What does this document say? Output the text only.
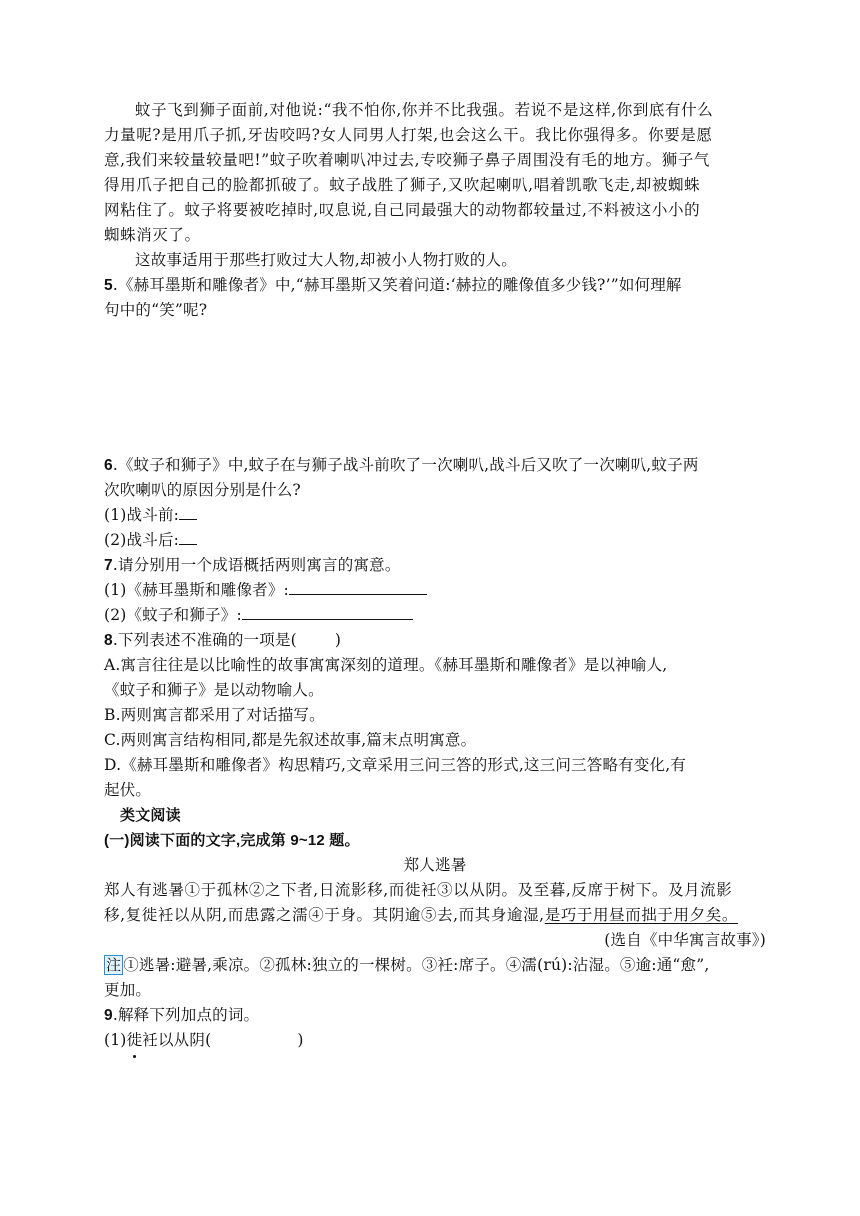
蚊子飞到狮子面前,对他说:“我不怕你,你并不比我强。若说不是这样,你到底有什么
力量呢?是用爪子抓,牙齿咬吗?女人同男人打架,也会这么干。我比你强得多。你要是愿
意,我们来较量较量吧!”蚊子吹着喇叭冲过去,专咬狮子鼻子周围没有毛的地方。狮子气
得用爪子把自己的脸都抓破了。蚊子战胜了狮子,又吹起喇叭,唱着凯歌飞走,却被蜘蛛
网粘住了。蚊子将要被吃掉时,叹息说,自己同最强大的动物都较量过,不料被这小小的
蜘蛛消灭了。
这故事适用于那些打败过大人物,却被小人物打败的人。
5.《赫耳墨斯和雕像者》中,“赫耳墨斯又笑着问道:‘赫拉的雕像值多少钱?’”如何理解
句中的“笑”呢?
6.《蚊子和狮子》中,蚊子在与狮子战斗前吹了一次喇叭,战斗后又吹了一次喇叭,蚊子两
次吹喇叭的原因分别是什么?
(1)战斗前:
(2)战斗后:
7.请分别用一个成语概括两则寓言的寓意。
(1)《赫耳墨斯和雕像者》:
(2)《蚊子和狮子》:
8.下列表述不准确的一项是( )
A.寓言往往是以比喻性的故事寓寓深刻的道理。《赫耳墨斯和雕像者》是以神喻人,
《蚊子和狮子》是以动物喻人。
B.两则寓言都采用了对话描写。
C.两则寓言结构相同,都是先叙述故事,篇末点明寓意。
D.《赫耳墨斯和雕像者》构思精巧,文章采用三问三答的形式,这三问三答略有变化,有
起伏。
类文阅读
(一)阅读下面的文字,完成第 9~12 题。
郑人逃暑
郑人有逃暑①于孤林②之下者,日流影移,而徙衽③以从阴。及至暮,反席于树下。及月流影
移,复徙衽以从阴,而患露之濡④于身。其阴逾⑤去,而其身逾湿,是巧于用昼而拙于用夕矣。
(选自《中华寓言故事》)
注 ①逃暑:避暑,乘凉。②孤林:独立的一棵树。③衽:席子。④濡(rú):沾湿。⑤逾:通“愈”,
更加。
9.解释下列加点的词。
(1)徙衽以从阴(	)
